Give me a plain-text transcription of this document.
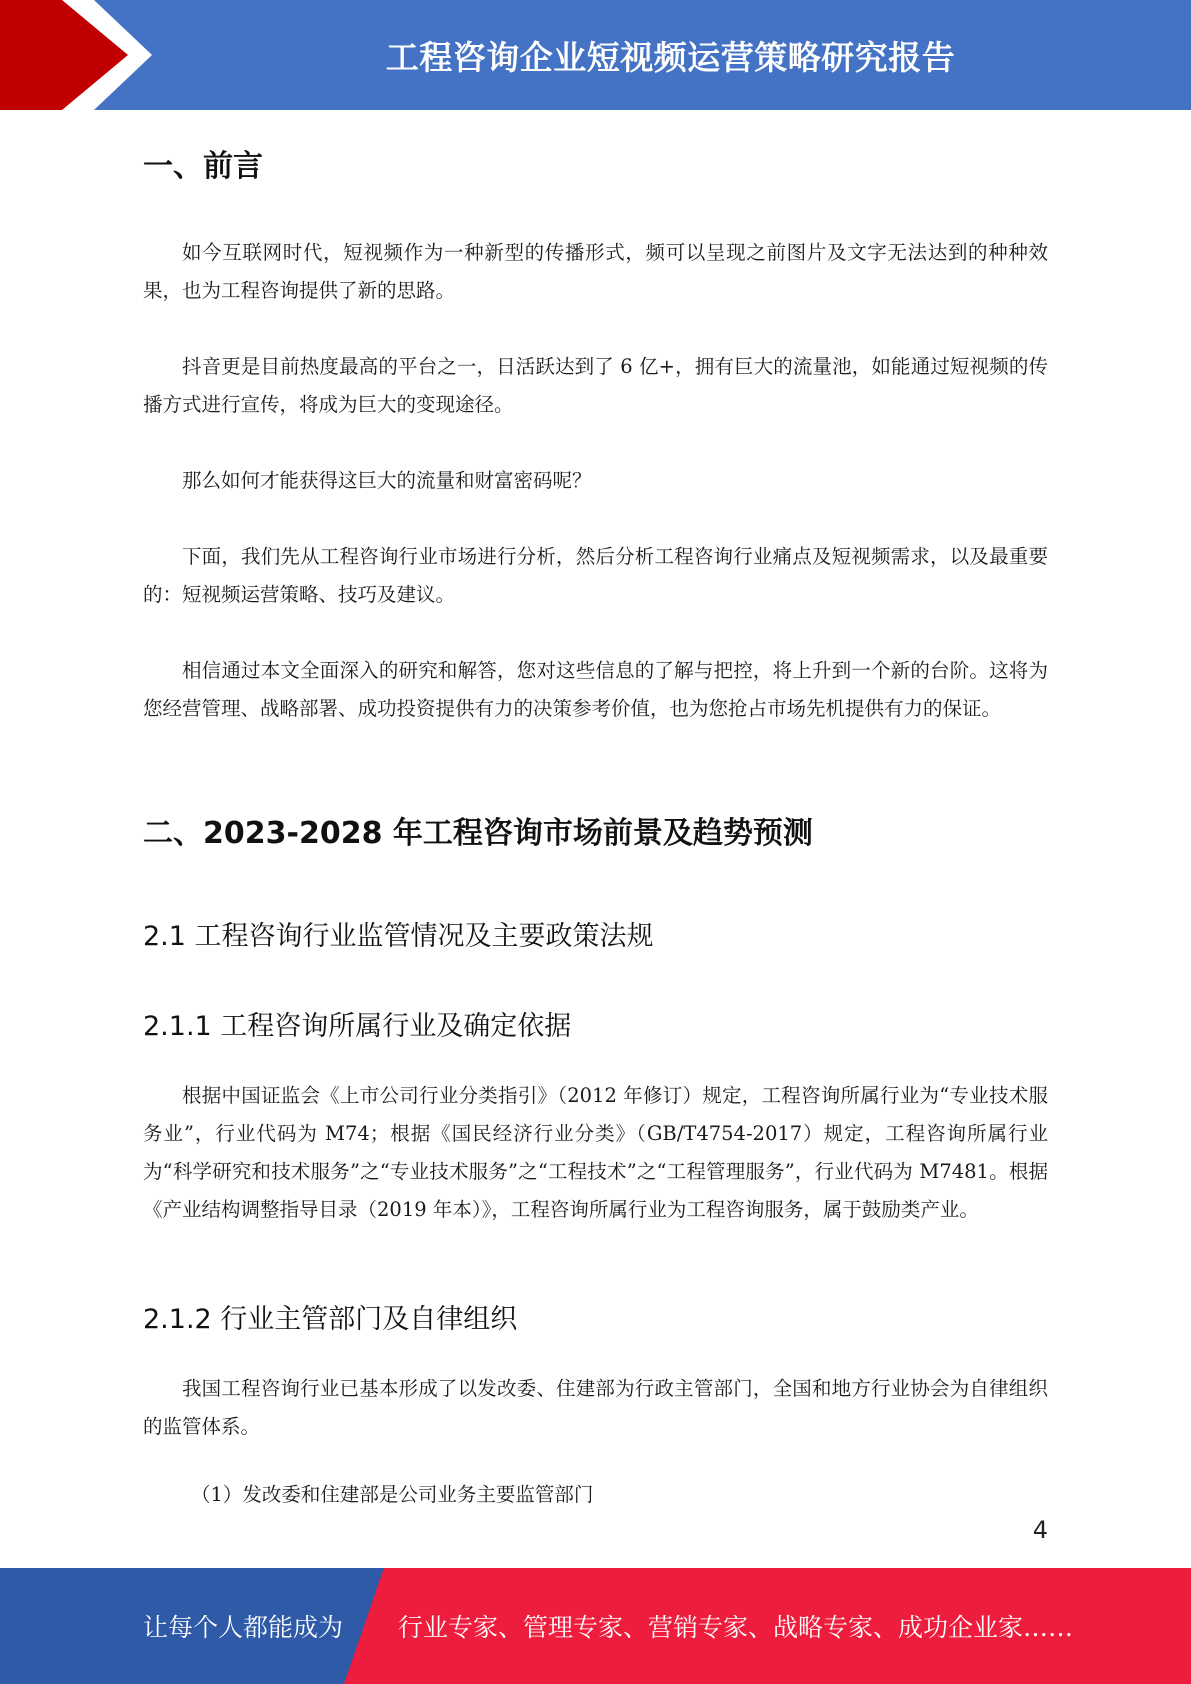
工程咨询企业短视频运营策略研究报告
一、前言

如今互联网时代，短视频作为一种新型的传播形式，频可以呈现之前图片及文字无法达到的种种效果，也为工程咨询提供了新的思路。

抖音更是目前热度最高的平台之一，日活跃达到了 6 亿+，拥有巨大的流量池，如能通过短视频的传播方式进行宣传，将成为巨大的变现途径。

那么如何才能获得这巨大的流量和财富密码呢？

下面，我们先从工程咨询行业市场进行分析，然后分析工程咨询行业痛点及短视频需求，以及最重要的：短视频运营策略、技巧及建议。

相信通过本文全面深入的研究和解答，您对这些信息的了解与把控，将上升到一个新的台阶。这将为您经营管理、战略部署、成功投资提供有力的决策参考价值，也为您抢占市场先机提供有力的保证。

二、2023-2028 年工程咨询市场前景及趋势预测
2.1 工程咨询行业监管情况及主要政策法规
2.1.1 工程咨询所属行业及确定依据

根据中国证监会《上市公司行业分类指引》（2012 年修订）规定，工程咨询所属行业为“专业技术服务业”，行业代码为 M74；根据《国民经济行业分类》（GB/T4754-2017）规定，工程咨询所属行业为“科学研究和技术服务”之“专业技术服务”之“工程技术”之“工程管理服务”，行业代码为 M7481。根据《产业结构调整指导目录（2019 年本）》，工程咨询所属行业为工程咨询服务，属于鼓励类产业。

2.1.2 行业主管部门及自律组织

我国工程咨询行业已基本形成了以发改委、住建部为行政主管部门，全国和地方行业协会为自律组织的监管体系。

（1）发改委和住建部是公司业务主要监管部门
4
让每个人都能成为 行业专家、管理专家、营销专家、战略专家、成功企业家……
